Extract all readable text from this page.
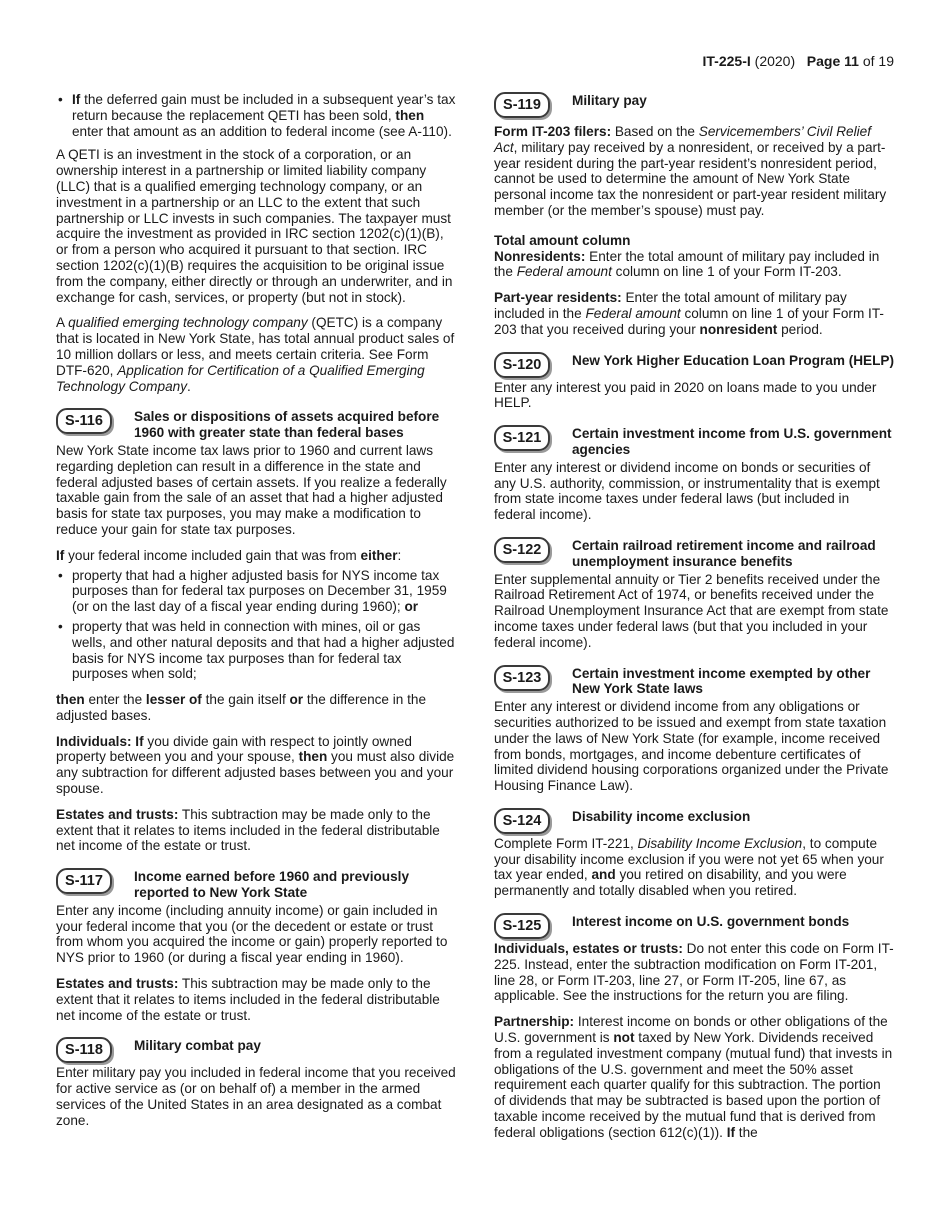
IT-225-I (2020) Page 11 of 19
• If the deferred gain must be included in a subsequent year’s tax return because the replacement QETI has been sold, then enter that amount as an addition to federal income (see A-110).

A QETI is an investment in the stock of a corporation, or an ownership interest in a partnership or limited liability company (LLC) that is a qualified emerging technology company, or an investment in a partnership or an LLC to the extent that such partnership or LLC invests in such companies. The taxpayer must acquire the investment as provided in IRC section 1202(c)(1)(B), or from a person who acquired it pursuant to that section. IRC section 1202(c)(1)(B) requires the acquisition to be original issue from the company, either directly or through an underwriter, and in exchange for cash, services, or property (but not in stock).

A qualified emerging technology company (QETC) is a company that is located in New York State, has total annual product sales of 10 million dollars or less, and meets certain criteria. See Form DTF-620, Application for Certification of a Qualified Emerging Technology Company.

S-116	Sales or dispositions of assets acquired before 1960 with greater state than federal bases

New York State income tax laws prior to 1960 and current laws regarding depletion can result in a difference in the state and federal adjusted bases of certain assets. If you realize a federally taxable gain from the sale of an asset that had a higher adjusted basis for state tax purposes, you may make a modification to reduce your gain for state tax purposes.

If your federal income included gain that was from either:

• property that had a higher adjusted basis for NYS income tax purposes than for federal tax purposes on December 31, 1959 (or on the last day of a fiscal year ending during 1960); or
• property that was held in connection with mines, oil or gas wells, and other natural deposits and that had a higher adjusted basis for NYS income tax purposes than for federal tax purposes when sold;

then enter the lesser of the gain itself or the difference in the adjusted bases.

Individuals: If you divide gain with respect to jointly owned property between you and your spouse, then you must also divide any subtraction for different adjusted bases between you and your spouse.

Estates and trusts: This subtraction may be made only to the extent that it relates to items included in the federal distributable net income of the estate or trust.

S-117	Income earned before 1960 and previously reported to New York State

Enter any income (including annuity income) or gain included in your federal income that you (or the decedent or estate or trust from whom you acquired the income or gain) properly reported to NYS prior to 1960 (or during a fiscal year ending in 1960).

Estates and trusts: This subtraction may be made only to the extent that it relates to items included in the federal distributable net income of the estate or trust.

S-118	Military combat pay

Enter military pay you included in federal income that you received for active service as (or on behalf of) a member in the armed services of the United States in an area designated as a combat zone.

S-119	Military pay

Form IT-203 filers: Based on the Servicemembers’ Civil Relief Act, military pay received by a nonresident, or received by a part-year resident during the part-year resident’s nonresident period, cannot be used to determine the amount of New York State personal income tax the nonresident or part-year resident military member (or the member’s spouse) must pay.

Total amount column

Nonresidents: Enter the total amount of military pay included in the Federal amount column on line 1 of your Form IT-203.

Part-year residents: Enter the total amount of military pay included in the Federal amount column on line 1 of your Form IT-203 that you received during your nonresident period.

S-120	New York Higher Education Loan Program (HELP)

Enter any interest you paid in 2020 on loans made to you under HELP.

S-121	Certain investment income from U.S. government agencies

Enter any interest or dividend income on bonds or securities of any U.S. authority, commission, or instrumentality that is exempt from state income taxes under federal laws (but included in federal income).

S-122	Certain railroad retirement income and railroad unemployment insurance benefits

Enter supplemental annuity or Tier 2 benefits received under the Railroad Retirement Act of 1974, or benefits received under the Railroad Unemployment Insurance Act that are exempt from state income taxes under federal laws (but that you included in your federal income).

S-123	Certain investment income exempted by other New York State laws

Enter any interest or dividend income from any obligations or securities authorized to be issued and exempt from state taxation under the laws of New York State (for example, income received from bonds, mortgages, and income debenture certificates of limited dividend housing corporations organized under the Private Housing Finance Law).

S-124	Disability income exclusion

Complete Form IT-221, Disability Income Exclusion, to compute your disability income exclusion if you were not yet 65 when your tax year ended, and you retired on disability, and you were permanently and totally disabled when you retired.

S-125	Interest income on U.S. government bonds

Individuals, estates or trusts: Do not enter this code on Form IT-225. Instead, enter the subtraction modification on Form IT-201, line 28, or Form IT-203, line 27, or Form IT-205, line 67, as applicable. See the instructions for the return you are filing.

Partnership: Interest income on bonds or other obligations of the U.S. government is not taxed by New York. Dividends received from a regulated investment company (mutual fund) that invests in obligations of the U.S. government and meet the 50% asset requirement each quarter qualify for this subtraction. The portion of dividends that may be subtracted is based upon the portion of taxable income received by the mutual fund that is derived from federal obligations (section 612(c)(1)). If the
